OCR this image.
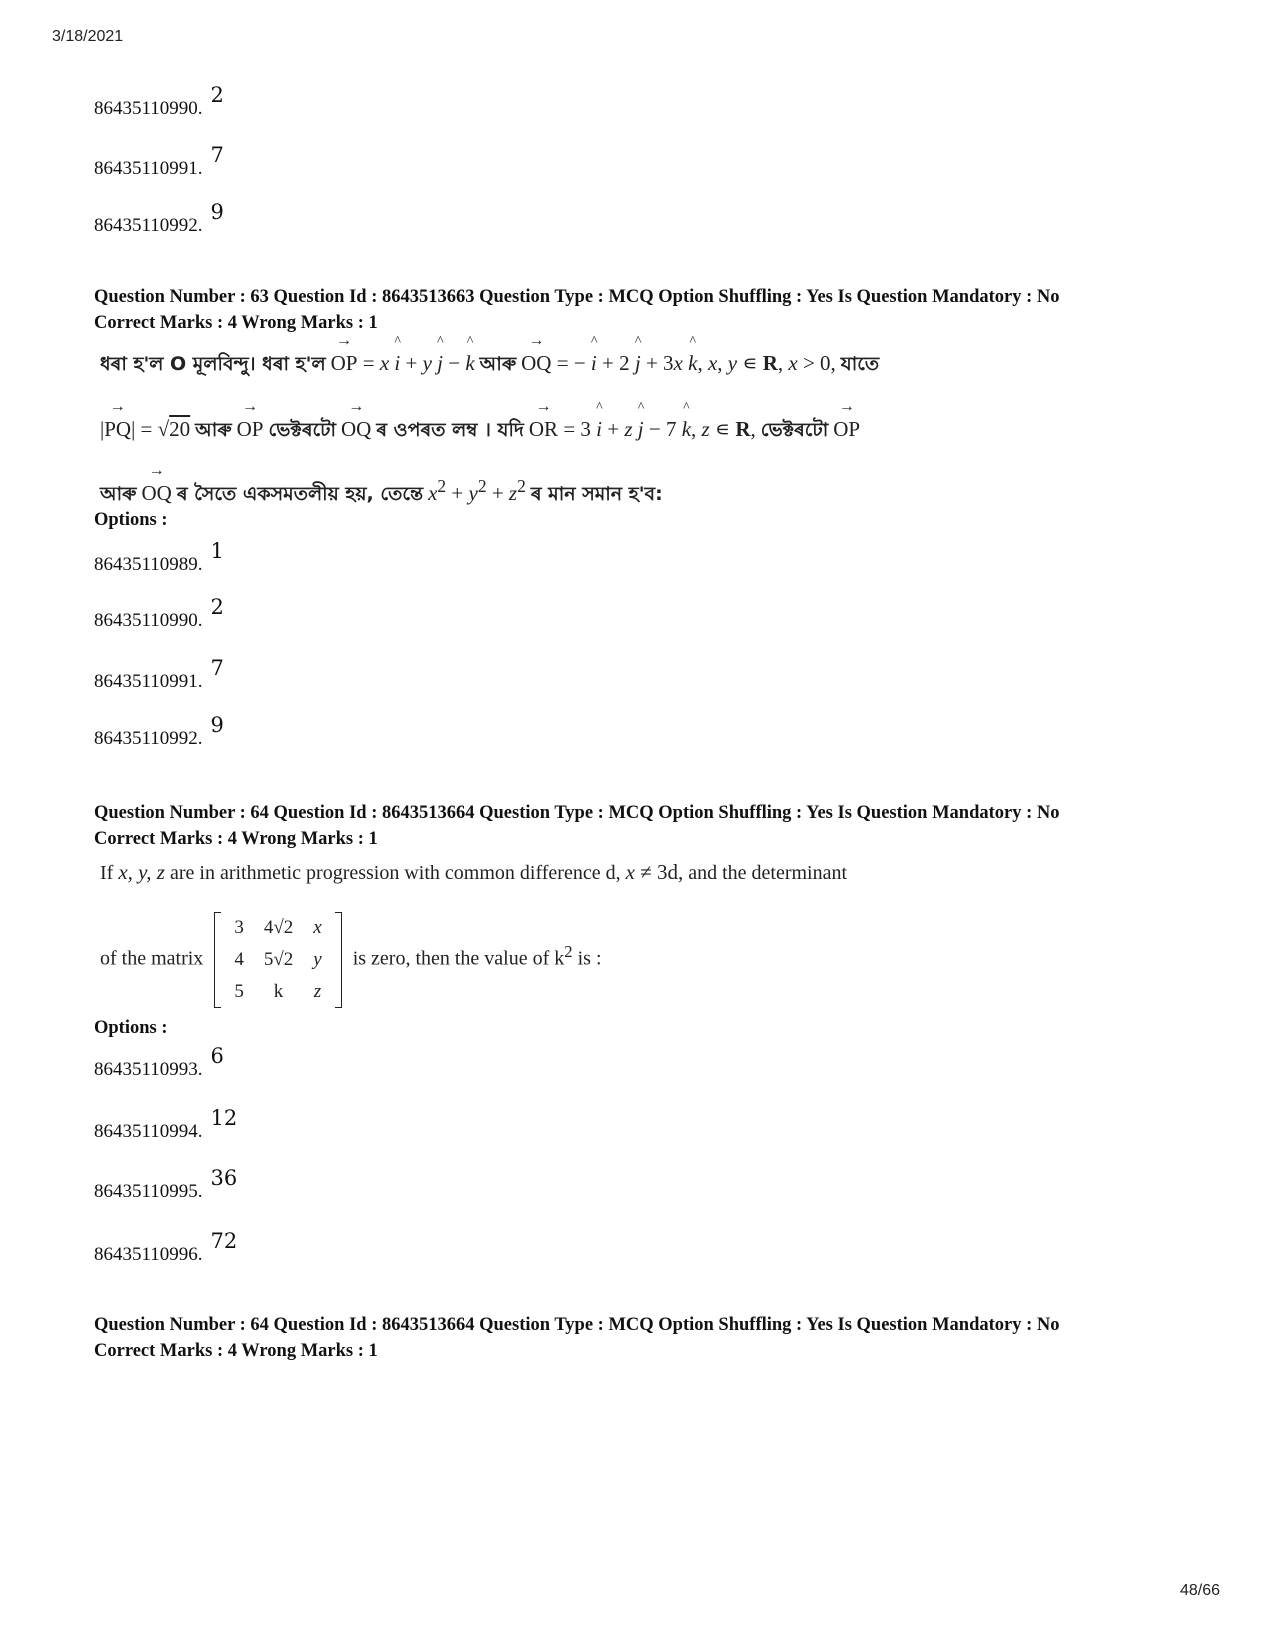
3/18/2021
86435110990.2
86435110991.7
86435110992.9
Question Number : 63 Question Id : 8643513663 Question Type : MCQ Option Shuffling : Yes Is Question Mandatory : No
Correct Marks : 4 Wrong Marks : 1
ধৰা হ'ল O মূলবিন্দু। ধৰা হ'ল
→
OP = x
^
i + y
^
j −
^
k আৰু
→
OQ = −
^
i + 2
^
j + 3x
^
k, x, y ∊ R, x > 0, যাতে
|
→
PQ| = √20 আৰু
→
OP ভেক্টৰটো
→
OQ ৰ ওপৰত লম্ব । যদি
→
OR = 3
^
i + z
^
j − 7
^
k, z ∊ R, ভেক্টৰটো
→
OP
আৰু
→
OQ ৰ সৈতে একসমতলীয় হয়, তেন্তে $x^2 + y^2 + z^2$ ৰ মান সমান হ'ব:
Options :
86435110989.1
86435110990.2
86435110991.7
86435110992.9
Question Number : 64 Question Id : 8643513664 Question Type : MCQ Option Shuffling : Yes Is Question Mandatory : No
Correct Marks : 4 Wrong Marks : 1
If x, y, z are in arithmetic progression with common difference d, x ≠ 3d, and the determinant
of the matrix
3	4√2	x
4	5√2	y
5	k	z
is zero, then the value of $k^2$ is :
Options :
86435110993.6
86435110994.12
86435110995.36
86435110996.72
Question Number : 64 Question Id : 8643513664 Question Type : MCQ Option Shuffling : Yes Is Question Mandatory : No
Correct Marks : 4 Wrong Marks : 1
48/66
